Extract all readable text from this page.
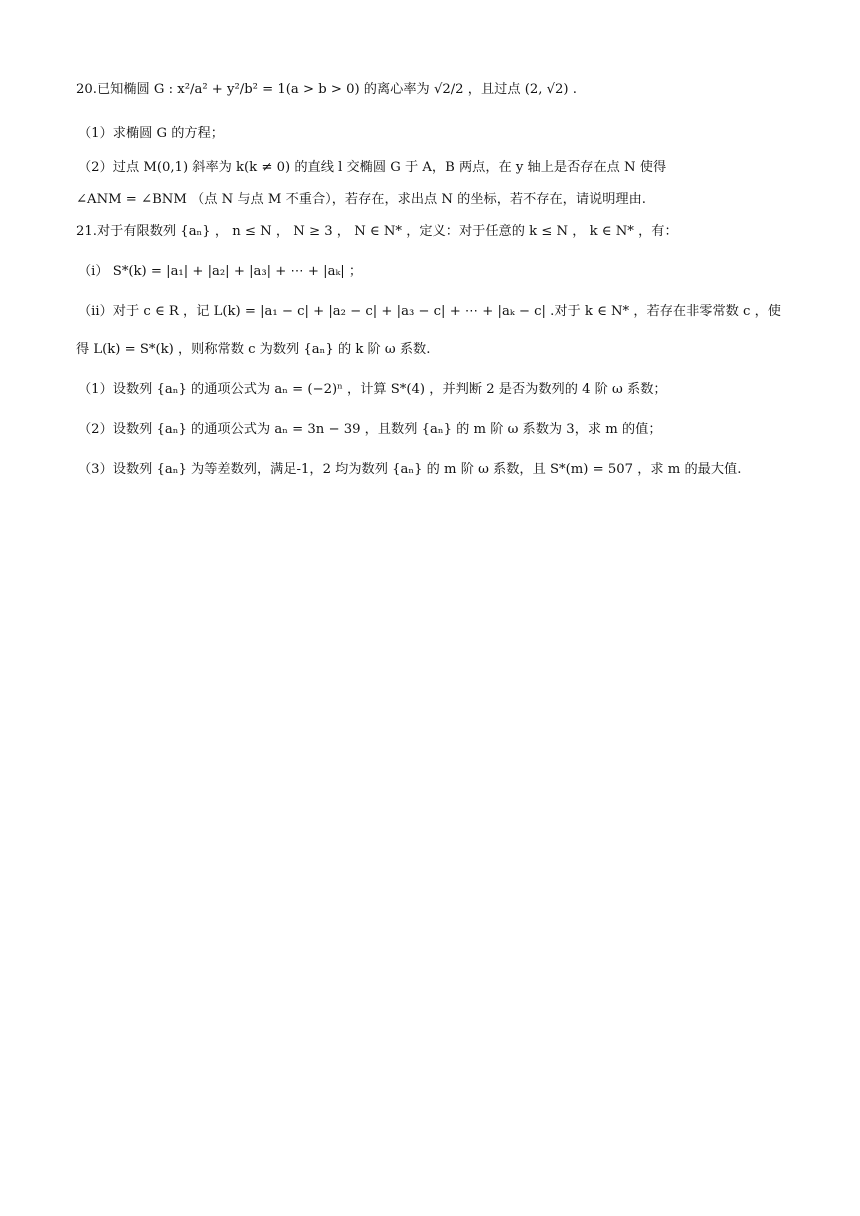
20.已知椭圆 G : x²/a² + y²/b² = 1(a > b > 0) 的离心率为 √2/2 ，且过点 (2, √2) .
（1）求椭圆 G 的方程；
（2）过点 M(0,1) 斜率为 k(k ≠ 0) 的直线 l 交椭圆 G 于 A，B 两点，在 y 轴上是否存在点 N 使得
∠ANM = ∠BNM （点 N 与点 M 不重合），若存在，求出点 N 的坐标，若不存在，请说明理由.
21.对于有限数列 {aₙ} ， n ≤ N ， N ≥ 3 ， N ∈ N* ，定义：对于任意的 k ≤ N ， k ∈ N* ，有：
（ⅰ） S*(k) = |a₁| + |a₂| + |a₃| + ⋯ + |aₖ| ；
（ⅱ）对于 c ∈ R ，记 L(k) = |a₁ − c| + |a₂ − c| + |a₃ − c| + ⋯ + |aₖ − c| .对于 k ∈ N* ，若存在非零常数 c ，使
得 L(k) = S*(k) ，则称常数 c 为数列 {aₙ} 的 k 阶 ω 系数.
（1）设数列 {aₙ} 的通项公式为 aₙ = (−2)ⁿ ，计算 S*(4) ，并判断 2 是否为数列的 4 阶 ω 系数；
（2）设数列 {aₙ} 的通项公式为 aₙ = 3n − 39 ，且数列 {aₙ} 的 m 阶 ω 系数为 3，求 m 的值；
（3）设数列 {aₙ} 为等差数列，满足-1，2 均为数列 {aₙ} 的 m 阶 ω 系数，且 S*(m) = 507 ，求 m 的最大值.
